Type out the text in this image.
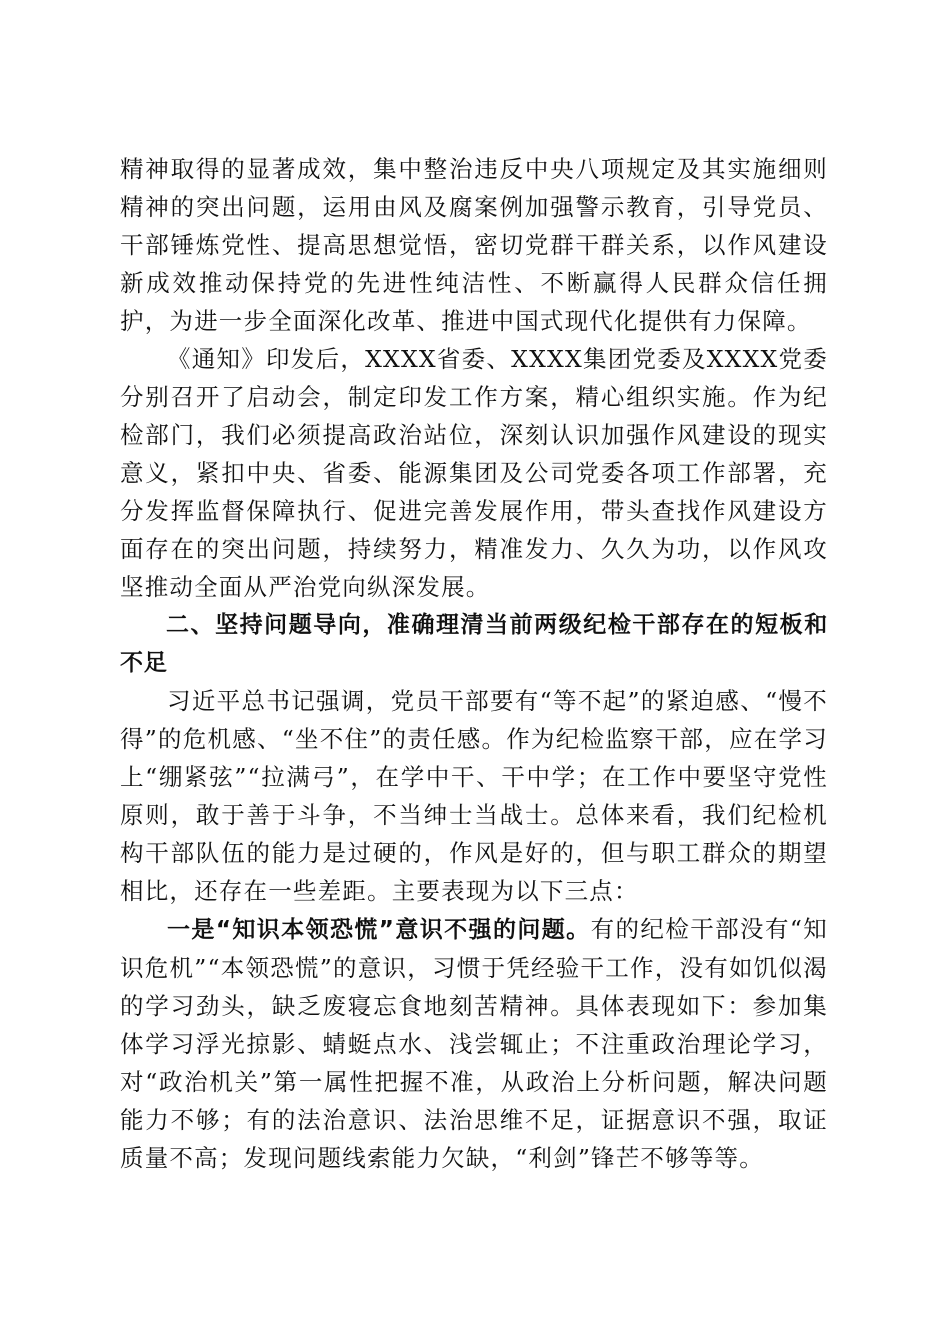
精神取得的显著成效，集中整治违反中央八项规定及其实施细则精神的突出问题，运用由风及腐案例加强警示教育，引导党员、干部锤炼党性、提高思想觉悟，密切党群干群关系，以作风建设新成效推动保持党的先进性纯洁性、不断赢得人民群众信任拥护，为进一步全面深化改革、推进中国式现代化提供有力保障。

《通知》印发后，XXXX省委、XXXX集团党委及XXXX党委分别召开了启动会，制定印发工作方案，精心组织实施。作为纪检部门，我们必须提高政治站位，深刻认识加强作风建设的现实意义，紧扣中央、省委、能源集团及公司党委各项工作部署，充分发挥监督保障执行、促进完善发展作用，带头查找作风建设方面存在的突出问题，持续努力，精准发力、久久为功，以作风攻坚推动全面从严治党向纵深发展。

二、坚持问题导向，准确理清当前两级纪检干部存在的短板和不足

习近平总书记强调，党员干部要有“等不起”的紧迫感、“慢不得”的危机感、“坐不住”的责任感。作为纪检监察干部，应在学习上“绷紧弦”“拉满弓”，在学中干、干中学；在工作中要坚守党性原则，敢于善于斗争，不当绅士当战士。总体来看，我们纪检机构干部队伍的能力是过硬的，作风是好的，但与职工群众的期望相比，还存在一些差距。主要表现为以下三点：

一是“知识本领恐慌”意识不强的问题。有的纪检干部没有“知识危机”“本领恐慌”的意识，习惯于凭经验干工作，没有如饥似渴的学习劲头，缺乏废寝忘食地刻苦精神。具体表现如下：参加集体学习浮光掠影、蜻蜓点水、浅尝辄止；不注重政治理论学习，对“政治机关”第一属性把握不准，从政治上分析问题，解决问题能力不够；有的法治意识、法治思维不足，证据意识不强，取证质量不高；发现问题线索能力欠缺，“利剑”锋芒不够等等。
